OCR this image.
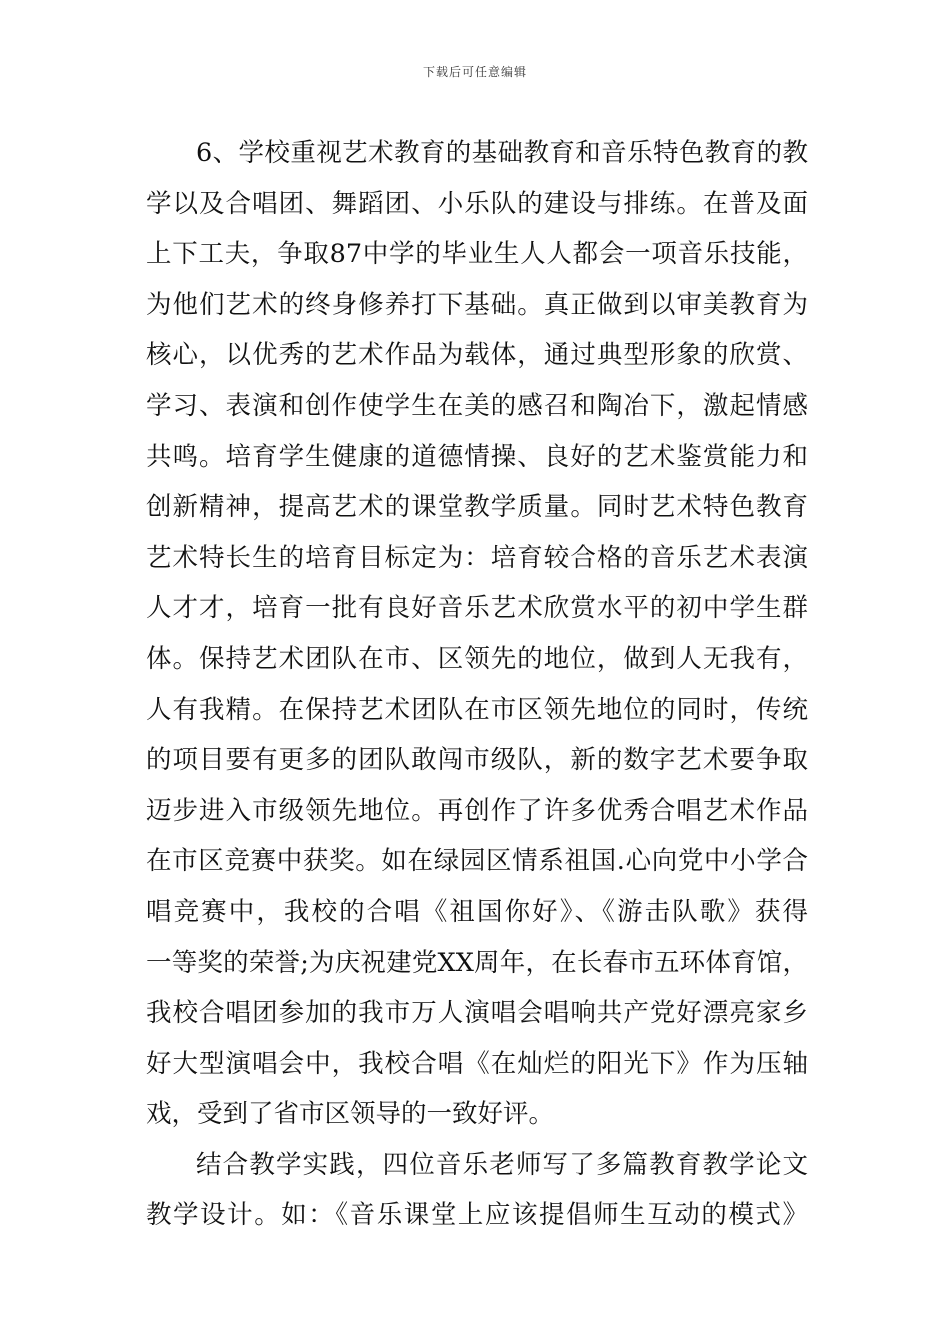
下载后可任意编辑
6、学校重视艺术教育的基础教育和音乐特色教育的教
学以及合唱团、舞蹈团、小乐队的建设与排练。在普及面
上下工夫，争取87中学的毕业生人人都会一项音乐技能，
为他们艺术的终身修养打下基础。真正做到以审美教育为
核心，以优秀的艺术作品为载体，通过典型形象的欣赏、
学习、表演和创作使学生在美的感召和陶冶下，激起情感
共鸣。培育学生健康的道德情操、良好的艺术鉴赏能力和
创新精神，提高艺术的课堂教学质量。同时艺术特色教育
艺术特长生的培育目标定为：培育较合格的音乐艺术表演
人才才，培育一批有良好音乐艺术欣赏水平的初中学生群
体。保持艺术团队在市、区领先的地位，做到人无我有，
人有我精。在保持艺术团队在市区领先地位的同时，传统
的项目要有更多的团队敢闯市级队，新的数字艺术要争取
迈步进入市级领先地位。再创作了许多优秀合唱艺术作品
在市区竞赛中获奖。如在绿园区情系祖国.心向党中小学合
唱竞赛中，我校的合唱《祖国你好》、《游击队歌》获得
一等奖的荣誉;为庆祝建党XX周年，在长春市五环体育馆，
我校合唱团参加的我市万人演唱会唱响共产党好漂亮家乡
好大型演唱会中，我校合唱《在灿烂的阳光下》作为压轴
戏，受到了省市区领导的一致好评。
结合教学实践，四位音乐老师写了多篇教育教学论文
教学设计。如：《音乐课堂上应该提倡师生互动的模式》
